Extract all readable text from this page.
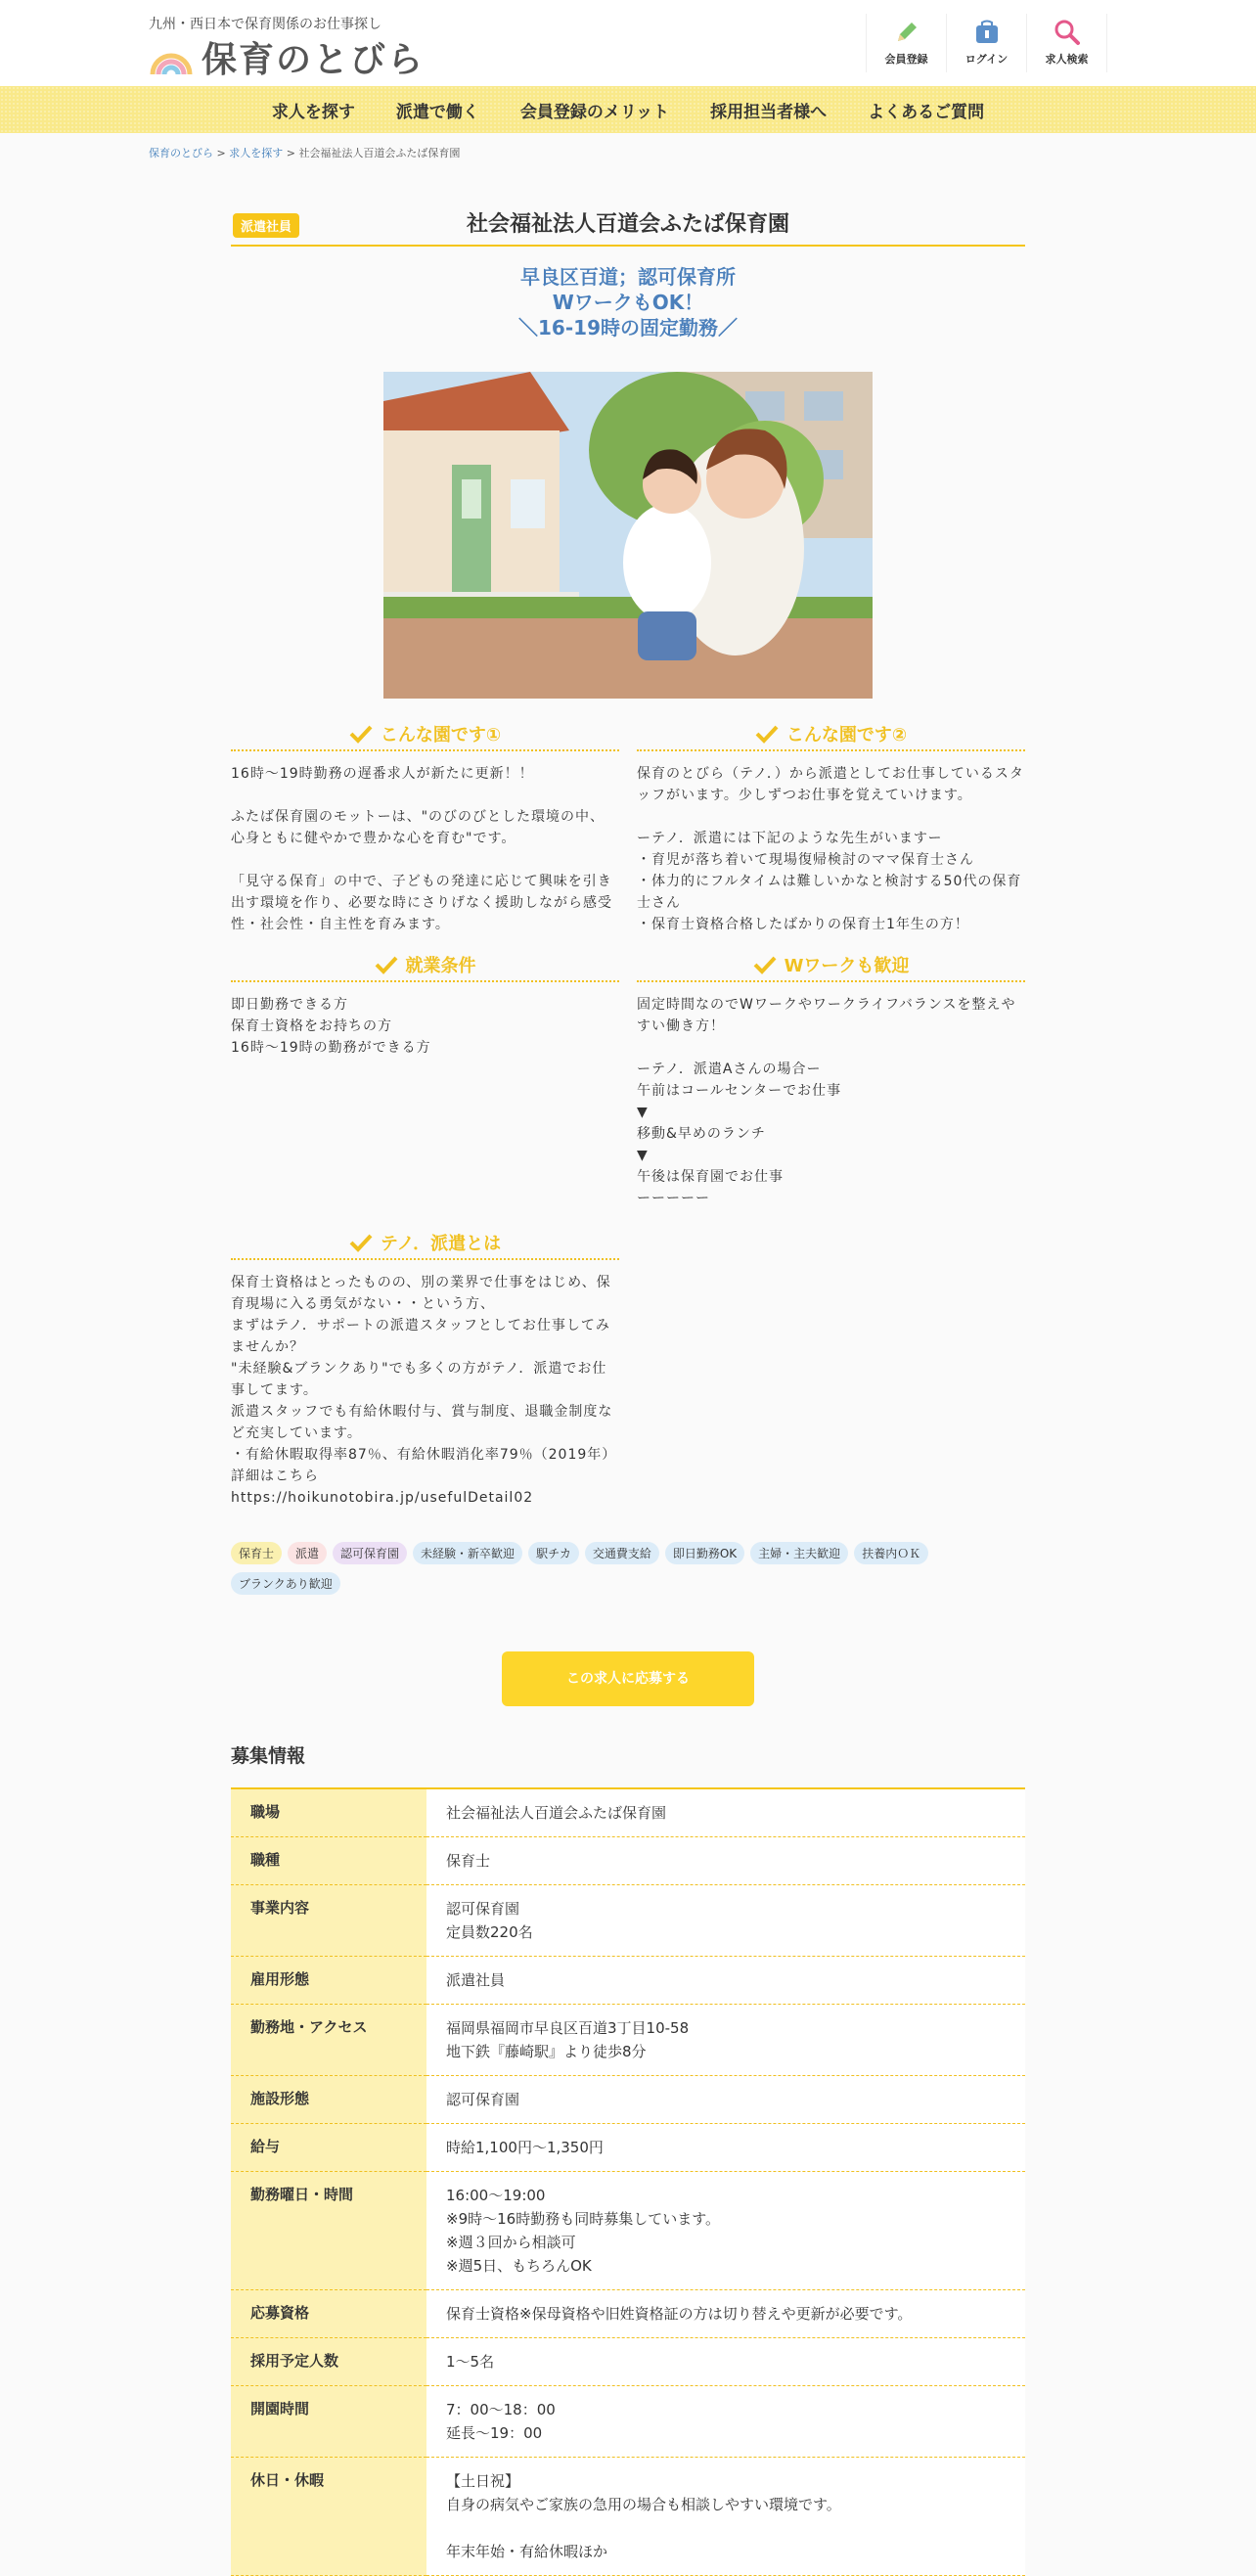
九州・西日本で保育関係のお仕事探し
保育のとびら	会員登録	ログイン	求人検索
求人を探す	派遣で働く	会員登録のメリット	採用担当者様へ	よくあるご質問
保育のとびら > 求人を探す > 社会福祉法人百道会ふたば保育園
派遣社員	社会福祉法人百道会ふたば保育園
早良区百道；認可保育所
WワークもOK！
＼16-19時の固定勤務／
こんな園です①

16時～19時勤務の遅番求人が新たに更新！！

ふたば保育園のモットーは、"のびのびとした環境の中、心身ともに健やかで豊かな心を育む"です。

「見守る保育」の中で、子どもの発達に応じて興味を引き出す環境を作り、必要な時にさりげなく援助しながら感受性・社会性・自主性を育みます。

こんな園です②

保育のとびら（テノ．）から派遣としてお仕事しているスタッフがいます。少しずつお仕事を覚えていけます。

ーテノ．派遣には下記のような先生がいますー
・育児が落ち着いて現場復帰検討のママ保育士さん
・体力的にフルタイムは難しいかなと検討する50代の保育士さん
・保育士資格合格したばかりの保育士1年生の方！

就業条件

即日勤務できる方
保育士資格をお持ちの方
16時～19時の勤務ができる方

Wワークも歓迎

固定時間なのでWワークやワークライフバランスを整えやすい働き方！

ーテノ．派遣Aさんの場合ー
午前はコールセンターでお仕事
▼
移動&早めのランチ
▼
午後は保育園でお仕事
ーーーーー

テノ．派遣とは

保育士資格はとったものの、別の業界で仕事をはじめ、保育現場に入る勇気がない・・という方、
まずはテノ．サポートの派遣スタッフとしてお仕事してみませんか？
"未経験&ブランクあり"でも多くの方がテノ．派遣でお仕事してます。
派遣スタッフでも有給休暇付与、賞与制度、退職金制度など充実しています。
・有給休暇取得率87％、有給休暇消化率79％（2019年）
詳細はこちら
https://hoikunotobira.jp/usefulDetail02

保育士	派遣	認可保育園	未経験・新卒歓迎	駅チカ	交通費支給	即日勤務OK	主婦・主夫歓迎	扶養内ＯＫ
ブランクあり歓迎
この求人に応募する
募集情報
職場	社会福祉法人百道会ふたば保育園
職種	保育士
事業内容	認可保育園
定員数220名
雇用形態	派遣社員
勤務地・アクセス	福岡県福岡市早良区百道3丁目10-58
地下鉄『藤崎駅』より徒歩8分
施設形態	認可保育園
給与	時給1,100円～1,350円
勤務曜日・時間	16:00～19:00
※9時～16時勤務も同時募集しています。
※週３回から相談可
※週5日、もちろんOK
応募資格	保育士資格※保母資格や旧姓資格証の方は切り替えや更新が必要です。
採用予定人数	1～5名
開園時間	7：00～18：00
延長～19：00
休日・休暇	【土日祝】
自身の病気やご家族の急用の場合も相談しやすい環境です。

年末年始・有給休暇ほか
